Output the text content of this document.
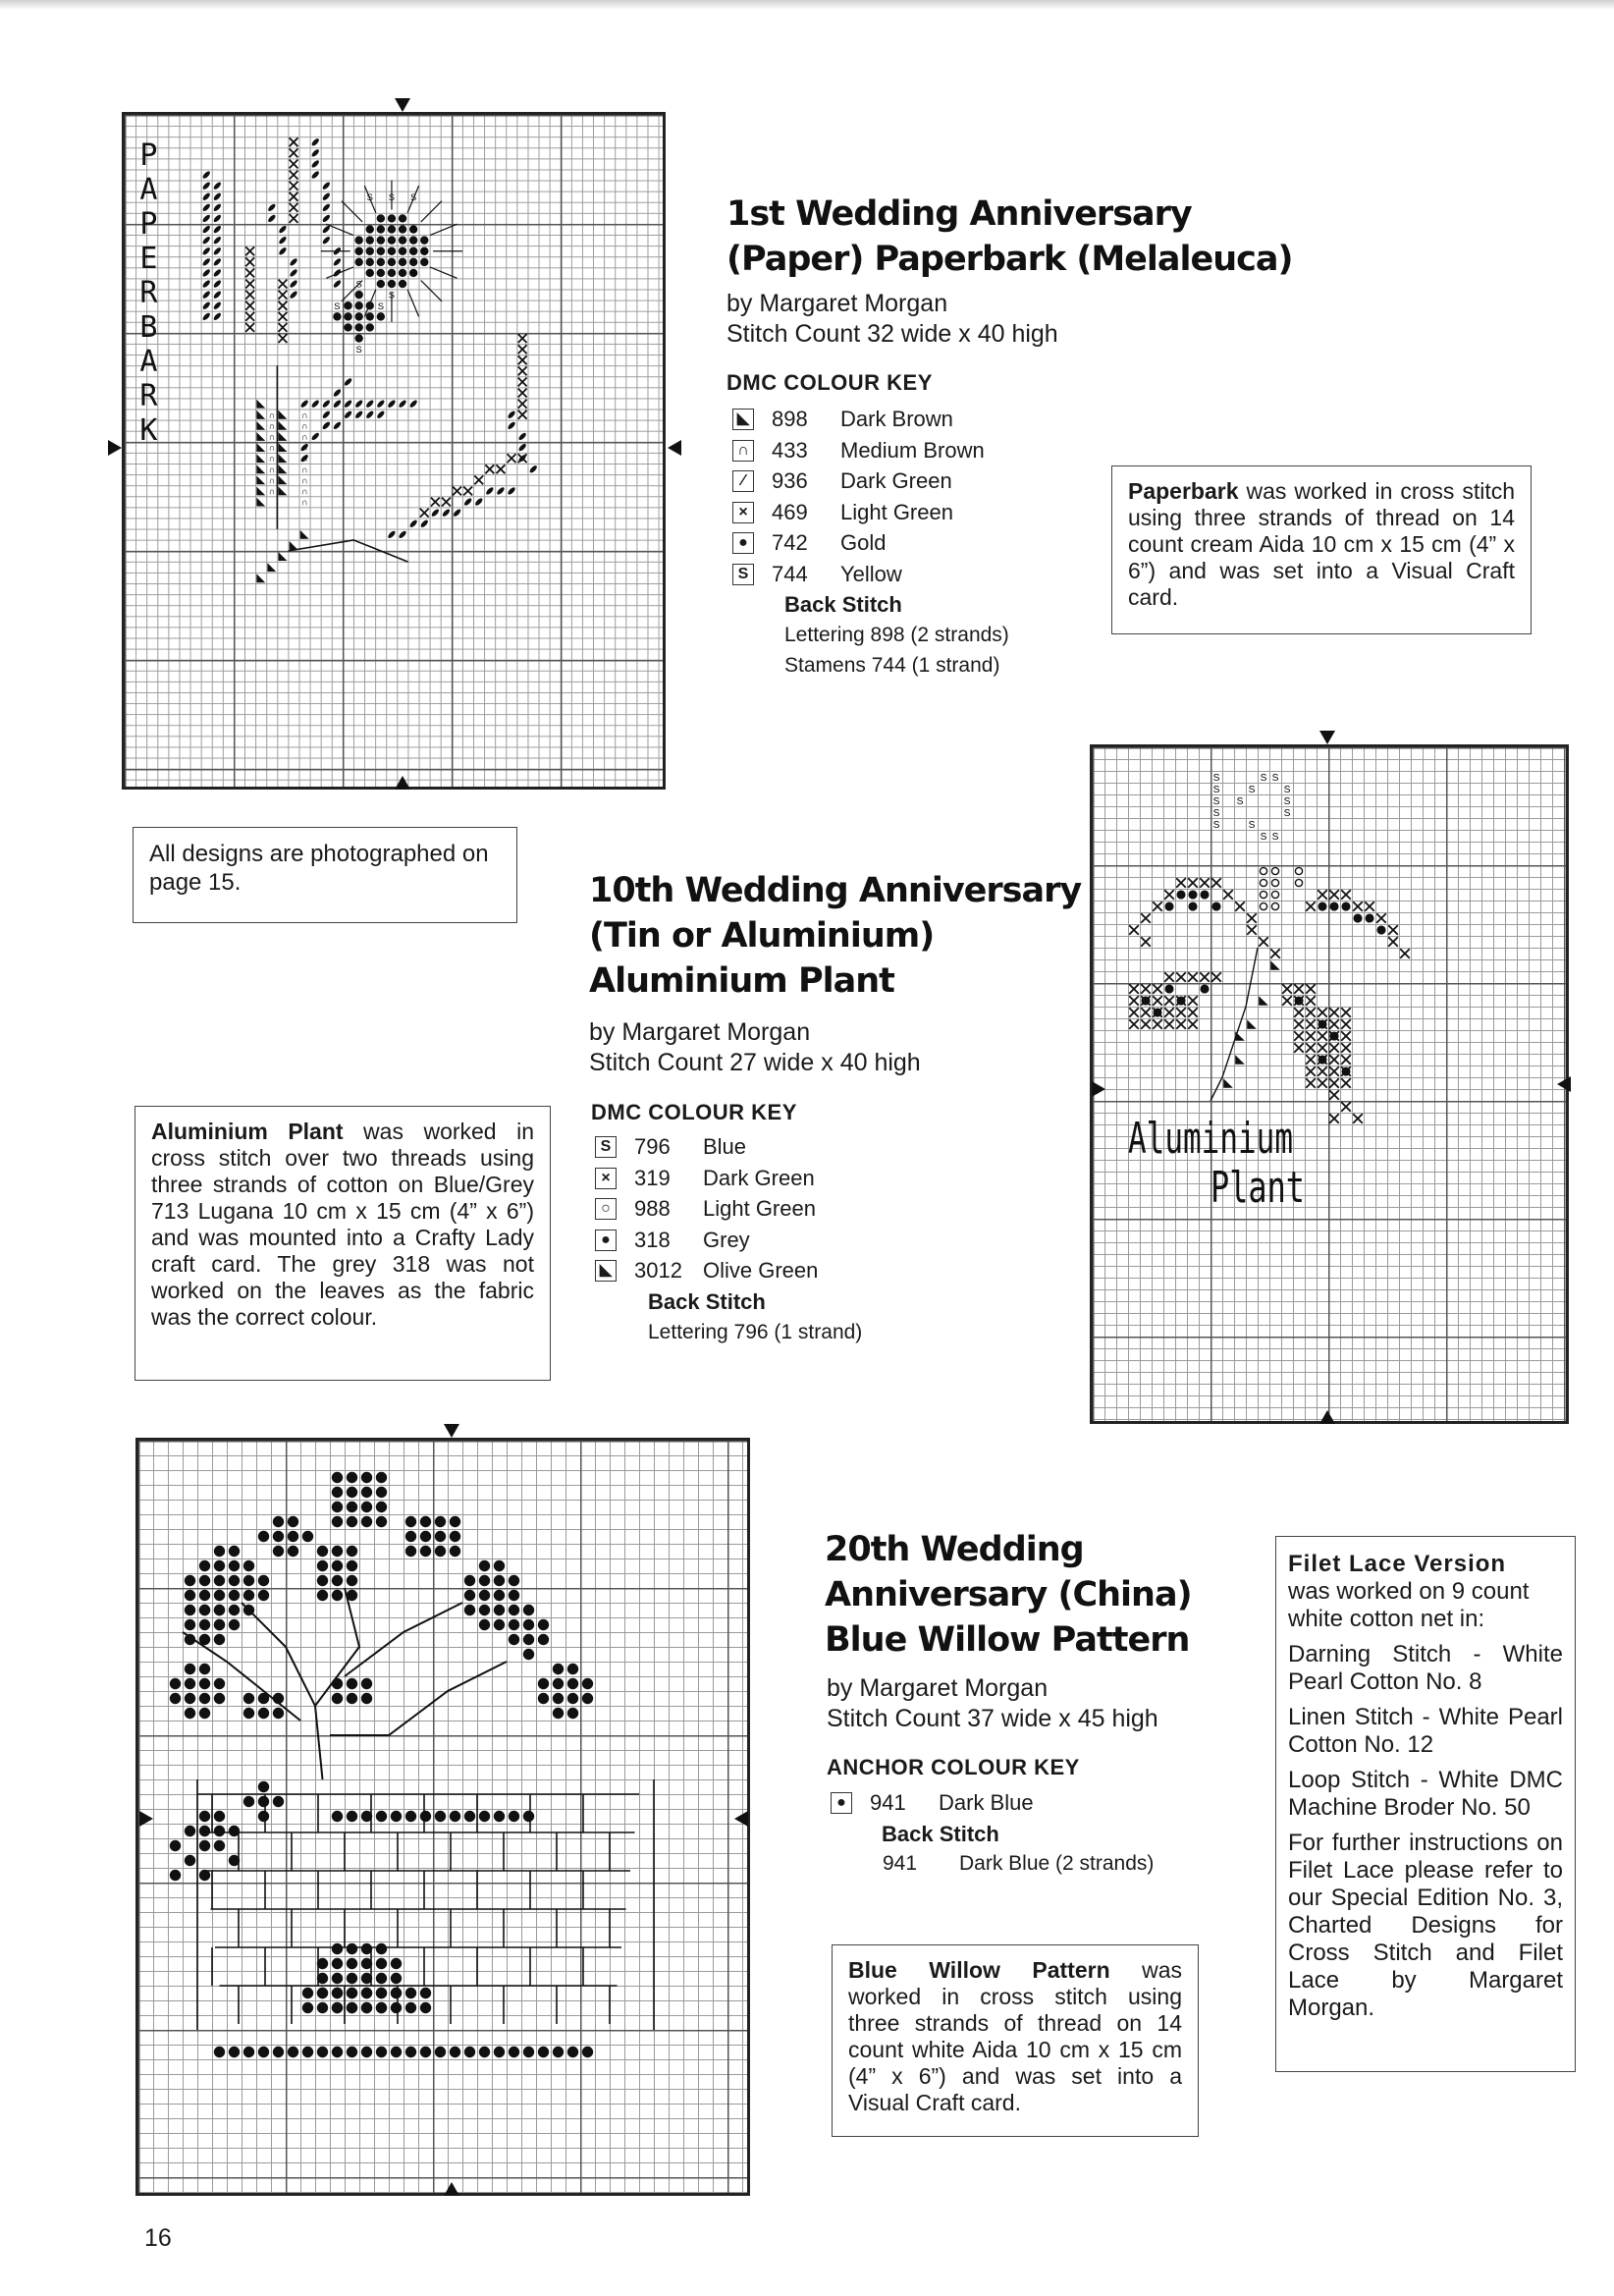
P
A
P
E
R
B
A
R
K
S S S
S	S
S	S
S	S
S
S	S
S
S
∩
∩
∩
∩
∩
∩
∩
∩
∩
∩
∩
∩
∩
∩
∩
∩
∩
1st Wedding Anniversary
(Paper) Paperbark (Melaleuca)
by Margaret Morgan
Stitch Count 32 wide x 40 high
DMC COLOUR KEY
◣ 898 Dark Brown
∩ 433 Medium Brown
⁄	936 Dark Green
× 469 Light Green
● 742 Gold
S 744 Yellow
Back Stitch
Lettering 898 (2 strands)
Stamens 744 (1 strand)
Paperbark was worked in cross stitch using three strands of thread on 14 count cream Aida 10 cm x 15 cm (4” x 6”) and was set into a Visual Craft card.
All designs are photographed on page 15.
S
S
S
S
S
S
S S
S
S
S
S
S
S S
Aluminium
Plant
10th Wedding Anniversary
(Tin or Aluminium)
Aluminium Plant
by Margaret Morgan
Stitch Count 27 wide x 40 high
DMC COLOUR KEY
S 796 Blue
× 319 Dark Green
○ 988 Light Green
● 318 Grey
◣ 3012 Olive Green
Back Stitch
Lettering 796 (1 strand)
Aluminium Plant was worked in cross stitch over two threads using three strands of cotton on Blue/Grey 713 Lugana 10 cm x 15 cm (4” x 6”) and was mounted into a Crafty Lady craft card. The grey 318 was not worked on the leaves as the fabric was the correct colour.
20th Wedding
Anniversary (China)
Blue Willow Pattern
by Margaret Morgan
Stitch Count 37 wide x 45 high
ANCHOR COLOUR KEY
● 941 Dark Blue
Back Stitch
941 Dark Blue (2 strands)
Blue Willow Pattern was worked in cross stitch using three strands of thread on 14 count white Aida 10 cm x 15 cm (4” x 6”) and was set into a Visual Craft card.
Filet Lace Version
was worked on 9 count white cotton net in:
Darning Stitch - White Pearl Cotton No. 8
Linen Stitch - White Pearl Cotton No. 12
Loop Stitch - White DMC Machine Broder No. 50
For further instructions on Filet Lace please refer to our Special Edition No. 3, Charted Designs for Cross Stitch and Filet Lace by Margaret Morgan.
16
